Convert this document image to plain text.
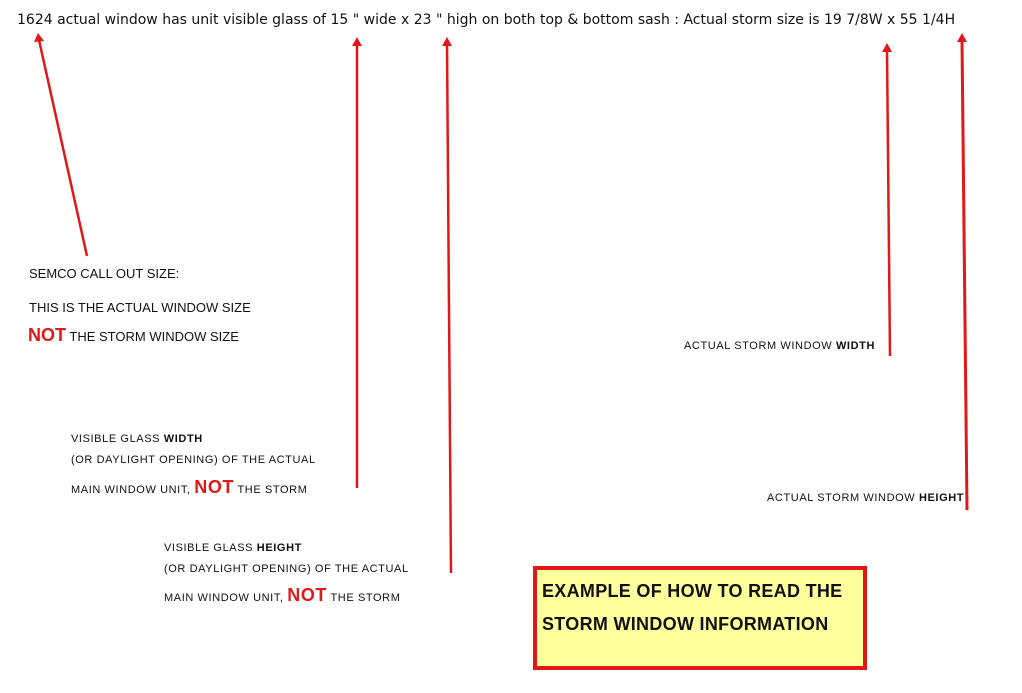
1624 actual window has unit visible glass of 15 " wide x 23 " high on both top & bottom sash : Actual storm size is 19 7/8W x 55 1/4H
SEMCO CALL OUT SIZE:
THIS IS THE ACTUAL WINDOW SIZE
NOT THE STORM WINDOW SIZE
VISIBLE GLASS WIDTH
(OR DAYLIGHT OPENING) OF THE ACTUAL
MAIN WINDOW UNIT, NOT THE STORM
VISIBLE GLASS HEIGHT
(OR DAYLIGHT OPENING) OF THE ACTUAL
MAIN WINDOW UNIT, NOT THE STORM
ACTUAL STORM WINDOW WIDTH
ACTUAL STORM WINDOW HEIGHT
EXAMPLE OF HOW TO READ THE
STORM WINDOW INFORMATION
